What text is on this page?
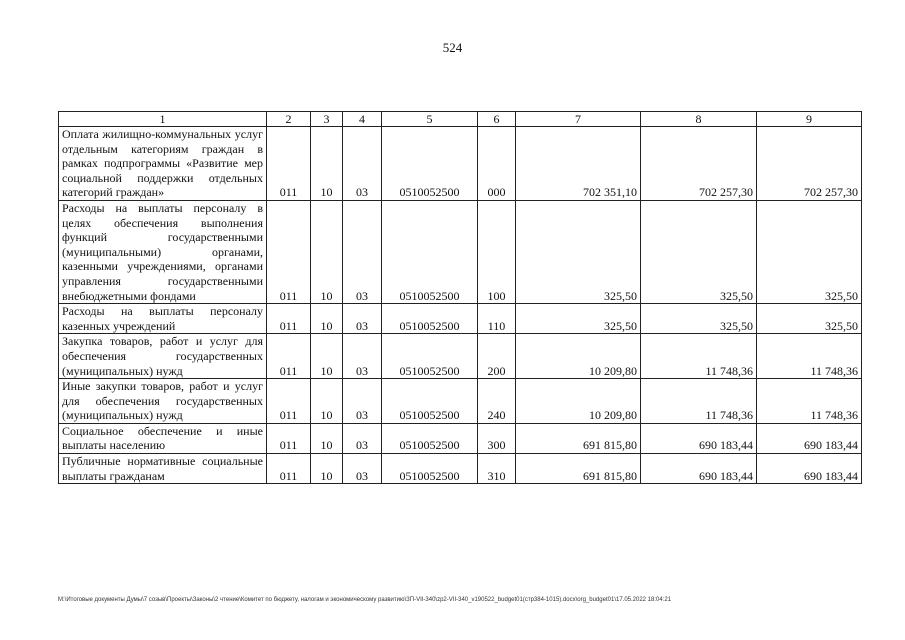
524
1	2	3	4	5	6	7	8	9
Оплата жилищно-коммунальных услуг отдельным категориям граждан в рамках подпрограммы «Развитие мер социальной поддержки отдельных категорий граждан»	011	10	03	0510052500	000	702 351,10	702 257,30	702 257,30
Расходы на выплаты персоналу в целях обеспечения выполнения функций государственными (муниципальными) органами, казенными учреждениями, органами управления государственными внебюджетными фондами	011	10	03	0510052500	100	325,50	325,50	325,50
Расходы на выплаты персоналу казенных учреждений	011	10	03	0510052500	110	325,50	325,50	325,50
Закупка товаров, работ и услуг для обеспечения государственных (муниципальных) нужд	011	10	03	0510052500	200	10 209,80	11 748,36	11 748,36
Иные закупки товаров, работ и услуг для обеспечения государственных (муниципальных) нужд	011	10	03	0510052500	240	10 209,80	11 748,36	11 748,36
Социальное обеспечение и иные выплаты населению	011	10	03	0510052500	300	691 815,80	690 183,44	690 183,44
Публичные нормативные социальные выплаты гражданам	011	10	03	0510052500	310	691 815,80	690 183,44	690 183,44
M:\Итоговые документы Думы\7 созыв\Проекты\Законы\2 чтение\Комитет по бюджету, налогам и экономическому развитию\ЗП-VII-340\zp2-VII-340_v190522_budget01(стр384-1015).docx\org_budget01\17.05.2022 18:04:21
